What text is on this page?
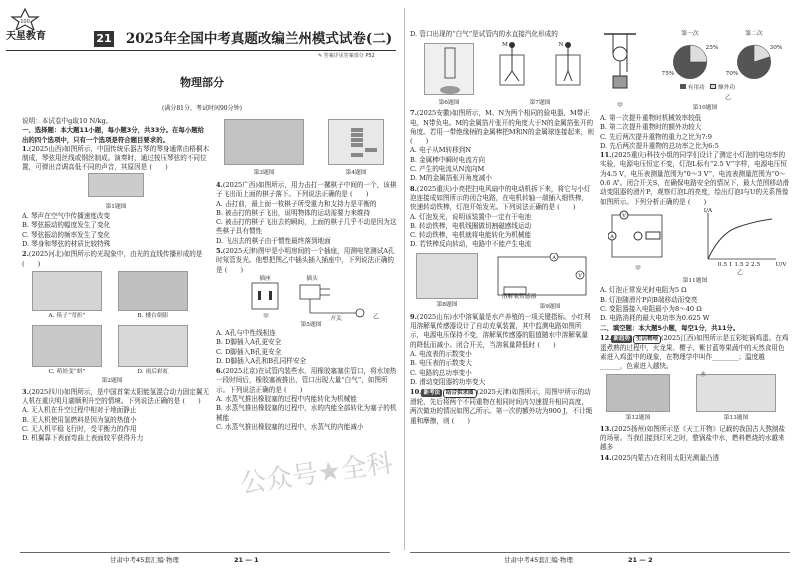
100
天星教育	21	2025年全国中考真题改编兰州模式试卷(二)
✎ 答案详见答案部分 P52
物理部分
(满分81分，考试时间90分钟)

说明：本试卷中g取10 N/kg。

一、选择题：本大题11小题，每小题3分，共33分。在每小题给出的四个选项中，只有一个选项是符合题目要求的。

1.(2025山西)如图所示，中国传统乐器古琴的琴身通常由梧桐木制成，琴弦用丝线或钢丝制成。演奏时，通过按压琴弦的不同位置，可弹出音调高低不同的声音，其原因是 (　　)

第1题图

A. 琴声在空气中传播速度改变

B. 琴弦振动的幅度发生了变化

C. 琴弦振动的频率发生了变化

D. 琴身和琴弦的材质比较特殊

2.(2025河北)如图所示的光现象中，由光的直线传播形成的是 (　　)

A. 筷子“弯折”	B. 楼台倒影
C. 萌娃变“蚪”	D. 雨后彩虹
第2题图

3.(2025四川)如图所示，是中国首架太阳能氢混合动力固定翼无人机在重庆明月湖顺利升空的情境。下列说法正确的是 (　　)

A. 无人机在升空过程中相对于地面静止

B. 无人机使用氢燃料是因为氢的热值小

C. 无人机平稳飞行时，受平衡力的作用

D. 机翼靠下表面弯曲上表面较平获得升力

第3题图	第4题图

4.(2025广西)如图所示，用力击打一摞棋子中间的一个，该棋子飞出而上面的棋子落下。下列说法正确的是 (　　)

A. 击打前，最上面一枚棋子所受重力和支持力是平衡的

B. 被击打的棋子飞出，说明物体的运动需要力来维持

C. 被击打的棋子飞出去的瞬间，上面的棋子几乎不动是因为这些棋子具有惯性

D. 飞出去的棋子由于惯性最终落到地面

5.(2025天津)图甲是小明房间的一个插座，用测电笔测试A孔时氖管发光。他想把图乙中插头插入插座中，下列说法正确的是 (　　)

插座	插头
开关
甲	乙
第5题图

A. A孔与中性线相连

B. D脚插入A孔更安全

C. D脚插入B孔更安全

D. D脚插入A孔和B孔同样安全

6.(2025北京)在试管内装些水，用橡胶塞塞住管口，将水加热一段时间后，橡胶塞被推出，管口出现大量“白气”，如图所示。下列说法正确的是 (　　)

A. 水蒸气推出橡胶塞的过程中内能转化为机械能

B. 水蒸气推出橡胶塞的过程中，水的内能全部转化为塞子的机械能

C. 水蒸气推出橡胶塞的过程中，水蒸气的内能减小

D. 管口出现的“白气”是试管内的水直接汽化形成的

第6题图
M	N
第7题图

7.(2025安徽)如图所示，M、N为两个相同的验电器，M带正电，N带负电。M的金属箔片张开的角度大于N的金属箔张开的角度。若用一带绝缘柄的金属棒把M和N的金属球连接起来，则 (　　)

A. 电子从M转移到N

B. 金属棒中瞬时电流方向

C. 产生的电流从N流向M

D. M的金属箔张开角度减小

8.(2025重庆)小亮把扫电风扇中的电动机拆下来，将它与小灯泡连接成如图所示的闭合电路，在电机转轴一端插入细铁棒，快速转动铁棒，灯泡开始发光。下列说法正确的是 (　　)

A. 灯泡发光，说明该装置中一定有干电池

B. 转动铁棒，电机线圈做切割磁感线运动

C. 转动铁棒，电机就将电能转化为机械能

D. 若铁棒反向转动，电路中不能产生电流

第8题图
A
V
溶解氧传感器
第9题图

9.(2025山东)水中溶氧量是水产养殖的一项关键指标。小红利用溶解氧传感器设计了自动充氧装置，其中监测电路如图所示，电源电压保持不变，溶解氧传感器的阻值随水中溶解氧量的降低而减小。闭合开关，当溶氧量降低时 (　　)

A. 电流表的示数变小

B. 电压表的示数变大

C. 电路的总功率变小

D. 滑动变阻器的功率变大

10. 新考法 结合供求图 (2025天津)如图所示，用图甲所示的动滑轮，先后将两个不同重物在相同时间内匀速提升相同高度，两次做功的情况如图乙所示。第一次的额外功为900 J，不计绳重和摩擦，则 (　　)

甲
第一次	第二次
25%
75%
30%
70%
有用功 额外功
乙
第10题图

A. 第一次提升重物时机械效率较低

B. 第二次提升重物时的额外功较大

C. 先后两次提升重物的重力之比为7:9

D. 先后两次提升重物的总功率之比为6:5

11.(2025重庆)科技小组的同学们设计了测定小灯泡的电功率的实验，电源电压恒定不变，灯泡L标有“2.5 V”字样，电源电压恒为4.5 V，电压表测量范围为“0～3 V”，电流表测量范围为“0～0.6 A”。闭合开关S，在确保电路安全的情况下，最大范围移动滑动变阻器的滑片P，观察灯泡L的亮度，绘出灯泡I与U的关系图像如图所示。下列分析正确的是 (　　)

V
A
甲
I/A
0.5 1 1.5 2 2.5	U/V
乙

第11题图

A. 灯泡正常发光时电阻为5 Ω

B. 灯泡随滑片P向B端移动而变亮

C. 变阻器接入电阻最小为8～40 Ω

D. 电路消耗的最大电功率为0.625 W

二、填空题：本大题5小题，每空1分，共11分。

12. 新趋势 生活物理 (2025江西)如图所示是五彩蛇祸鸡蛋。在鸡蛋煮熟的过程中，火龙果、樱子、紫甘蓝等果蔬中的天然食用色素进入鸡蛋中的现象，在物理学中叫作________；温度越______，色素进入越快。

第12题图
水
第13题图

13.(2025扬州)如图所示是《天工开物》记载的我国古人熬制盐的场景。当我们接到灯光之时，整锅盐中水，燃料燃烧的水越来越多

14.(2025内蒙古)在利用太阳光测量凸透

公众号★全科
甘肃中考45套汇编·物理	21 — 1	甘肃中考45套汇编·物理	21 — 2
